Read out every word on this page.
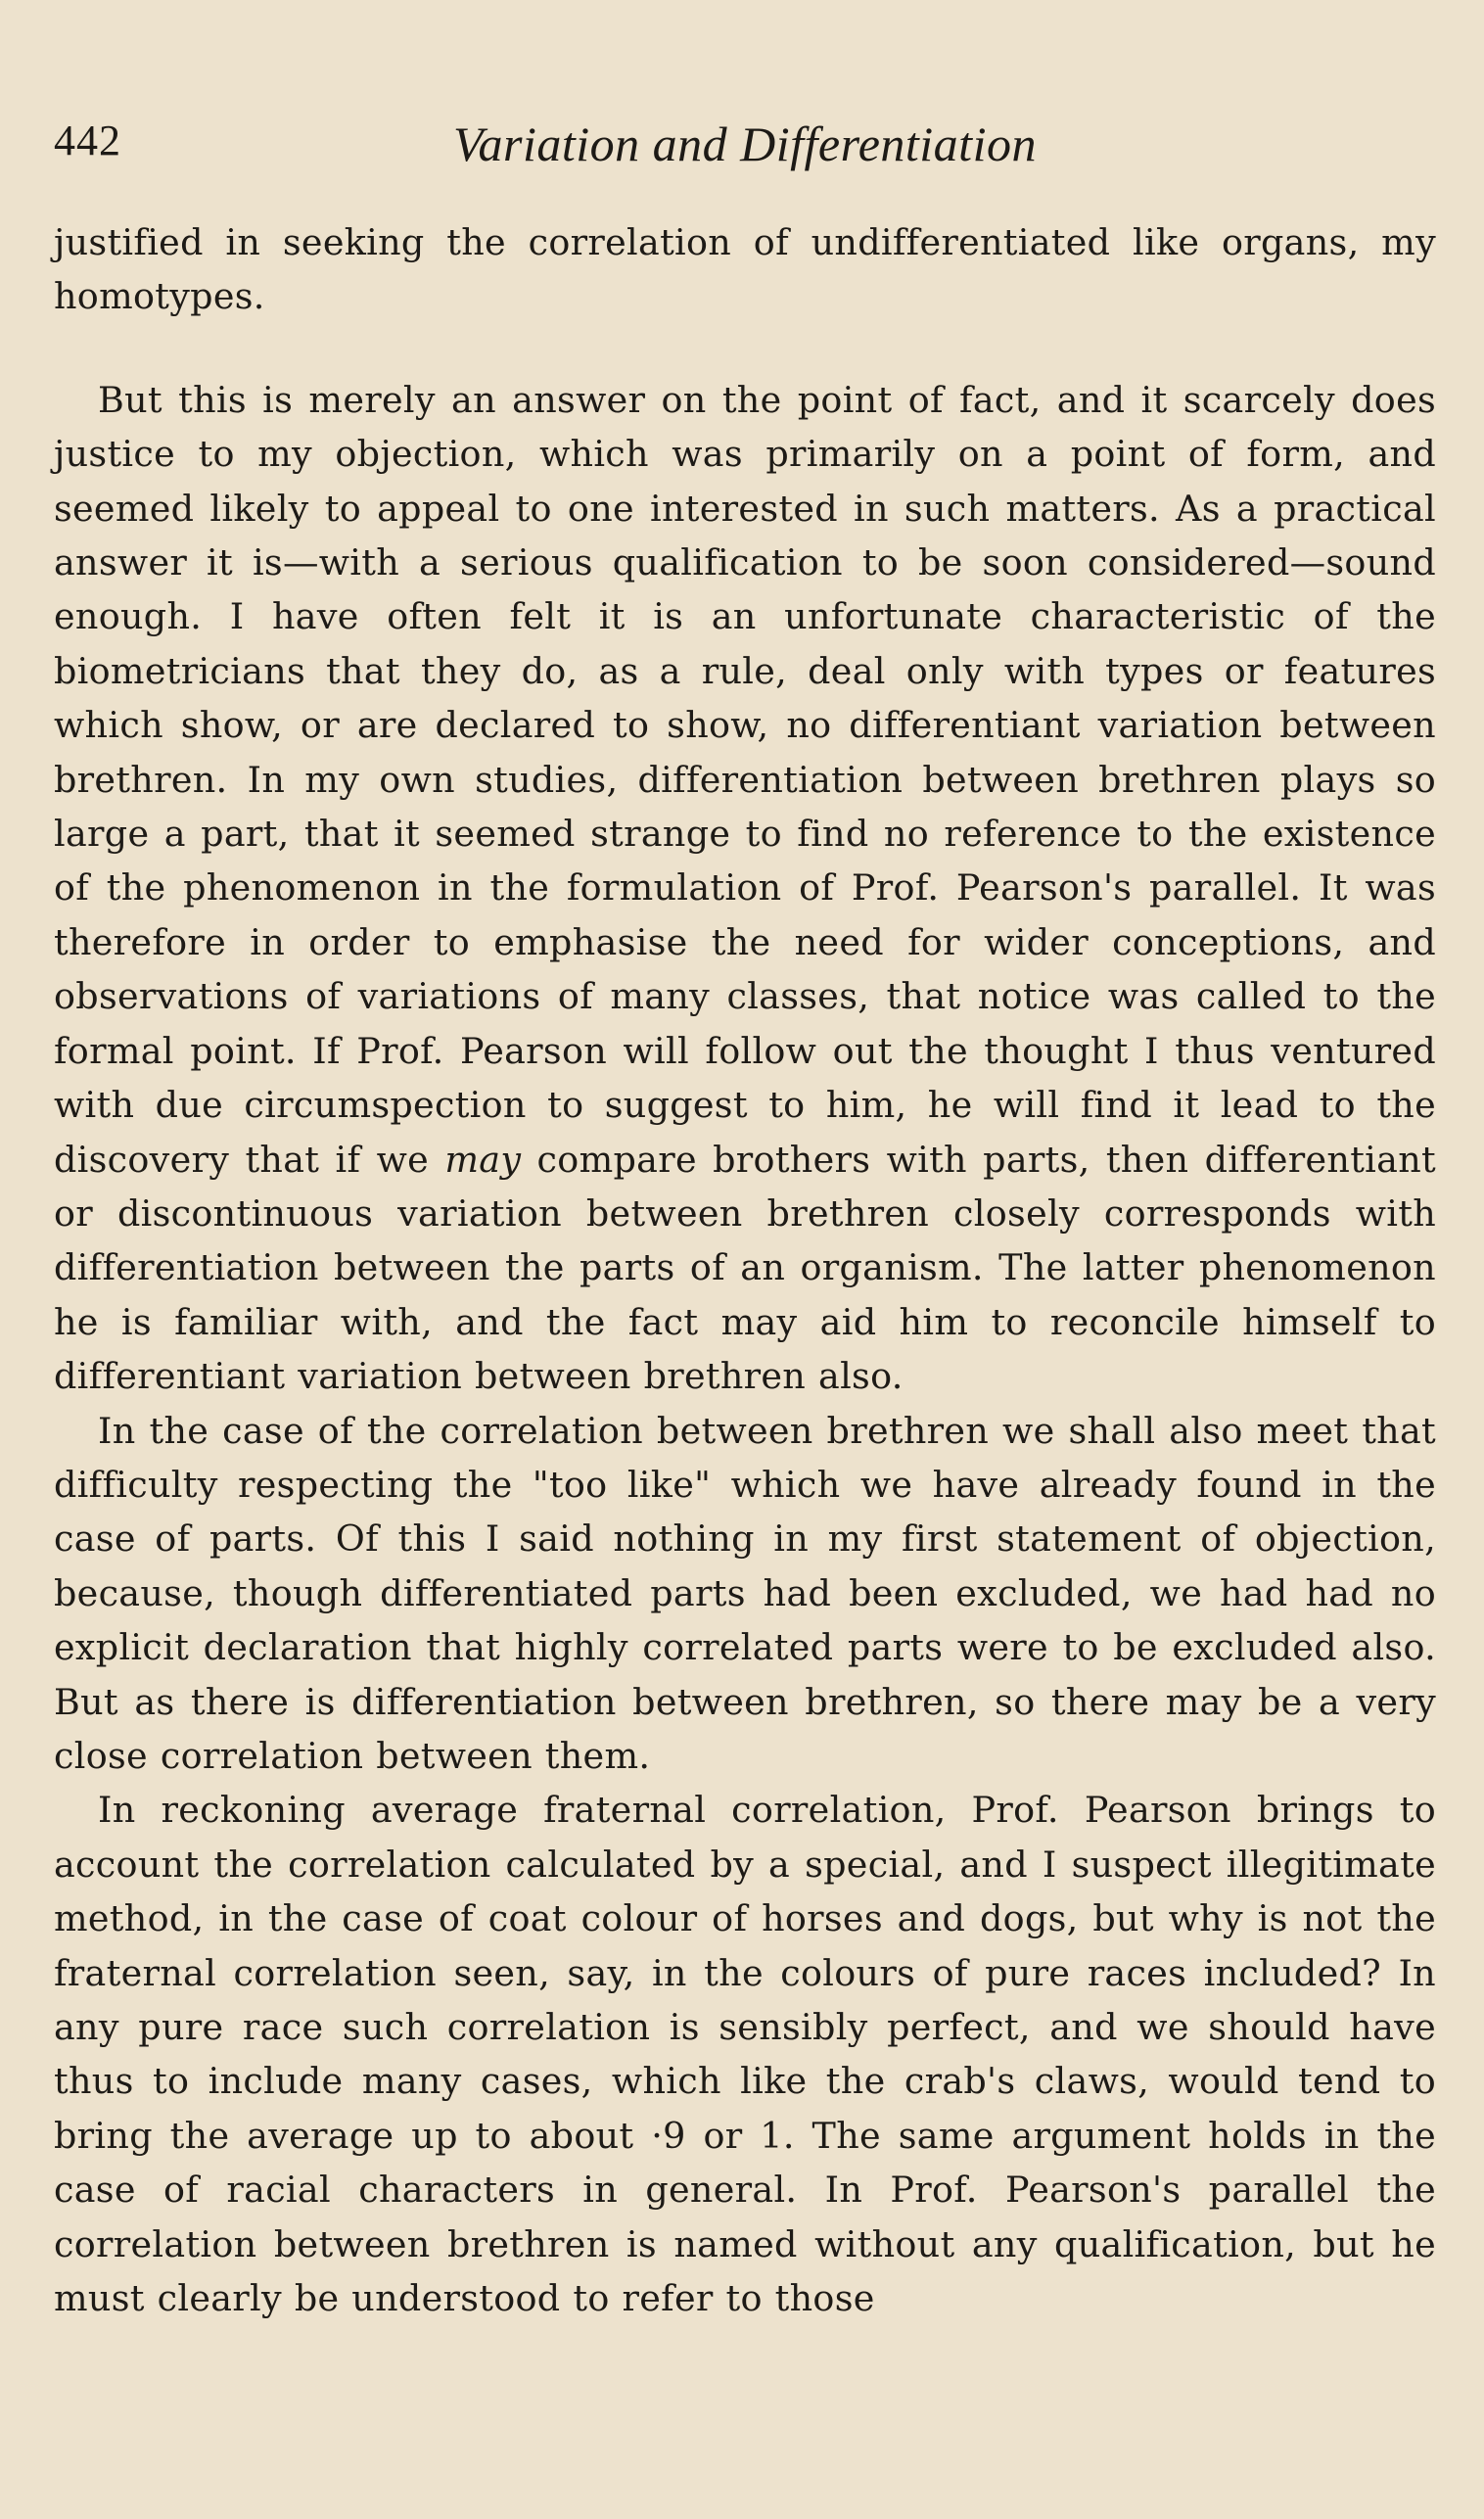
442	Variation and Differentiation

justified in seeking the correlation of undifferentiated like organs, my homotypes.

But this is merely an answer on the point of fact, and it scarcely does justice to my objection, which was primarily on a point of form, and seemed likely to appeal to one interested in such matters. As a practical answer it is—with a serious qualification to be soon considered—sound enough. I have often felt it is an unfortunate characteristic of the biometricians that they do, as a rule, deal only with types or features which show, or are declared to show, no differentiant variation between brethren. In my own studies, differentiation between brethren plays so large a part, that it seemed strange to find no reference to the existence of the phenomenon in the formulation of Prof. Pearson's parallel. It was therefore in order to emphasise the need for wider conceptions, and observations of variations of many classes, that notice was called to the formal point. If Prof. Pearson will follow out the thought I thus ventured with due circumspection to suggest to him, he will find it lead to the discovery that if we may compare brothers with parts, then differentiant or discontinuous variation between brethren closely corresponds with differentiation between the parts of an organism. The latter phenomenon he is familiar with, and the fact may aid him to reconcile himself to differentiant variation between brethren also.

In the case of the correlation between brethren we shall also meet that difficulty respecting the "too like" which we have already found in the case of parts. Of this I said nothing in my first statement of objection, because, though differentiated parts had been excluded, we had had no explicit declaration that highly correlated parts were to be excluded also. But as there is differentiation between brethren, so there may be a very close correlation between them.

In reckoning average fraternal correlation, Prof. Pearson brings to account the correlation calculated by a special, and I suspect illegitimate method, in the case of coat colour of horses and dogs, but why is not the fraternal correlation seen, say, in the colours of pure races included? In any pure race such correlation is sensibly perfect, and we should have thus to include many cases, which like the crab's claws, would tend to bring the average up to about ·9 or 1. The same argument holds in the case of racial characters in general. In Prof. Pearson's parallel the correlation between brethren is named without any qualification, but he must clearly be understood to refer to those
